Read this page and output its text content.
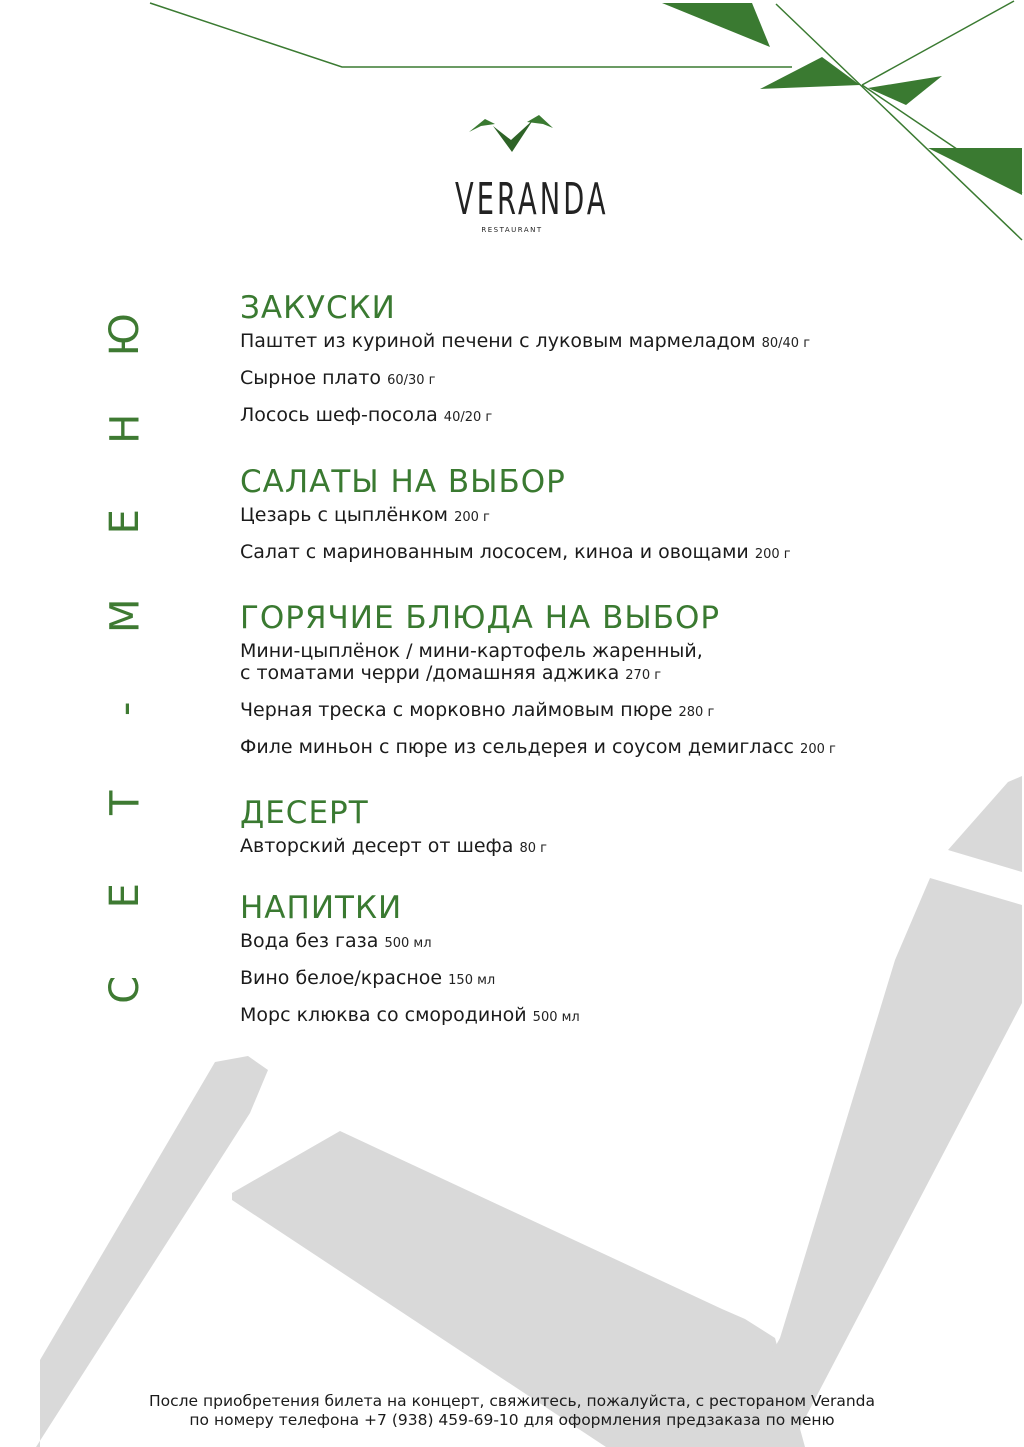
VERANDA
RESTAURANT
Ю
Н
Е
М
-
Т
Е
С
ЗАКУСКИ
Паштет из куриной печени с луковым мармеладом 80/40 г
Сырное плато 60/30 г
Лосось шеф-посола 40/20 г
САЛАТЫ НА ВЫБОР
Цезарь с цыплёнком 200 г
Салат с маринованным лососем, киноа и овощами 200 г
ГОРЯЧИЕ БЛЮДА НА ВЫБОР
Мини-цыплёнок / мини-картофель жаренный,
с томатами черри /домашняя аджика 270 г
Черная треска с морковно лаймовым пюре 280 г
Филе миньон с пюре из сельдерея и соусом демигласс 200 г
ДЕСЕРТ
Авторский десерт от шефа 80 г
НАПИТКИ
Вода без газа 500 мл
Вино белое/красное 150 мл
Морс клюква со смородиной 500 мл
После приобретения билета на концерт, свяжитесь, пожалуйста, с рестораном Veranda
по номеру телефона +7 (938) 459-69-10 для оформления предзаказа по меню
